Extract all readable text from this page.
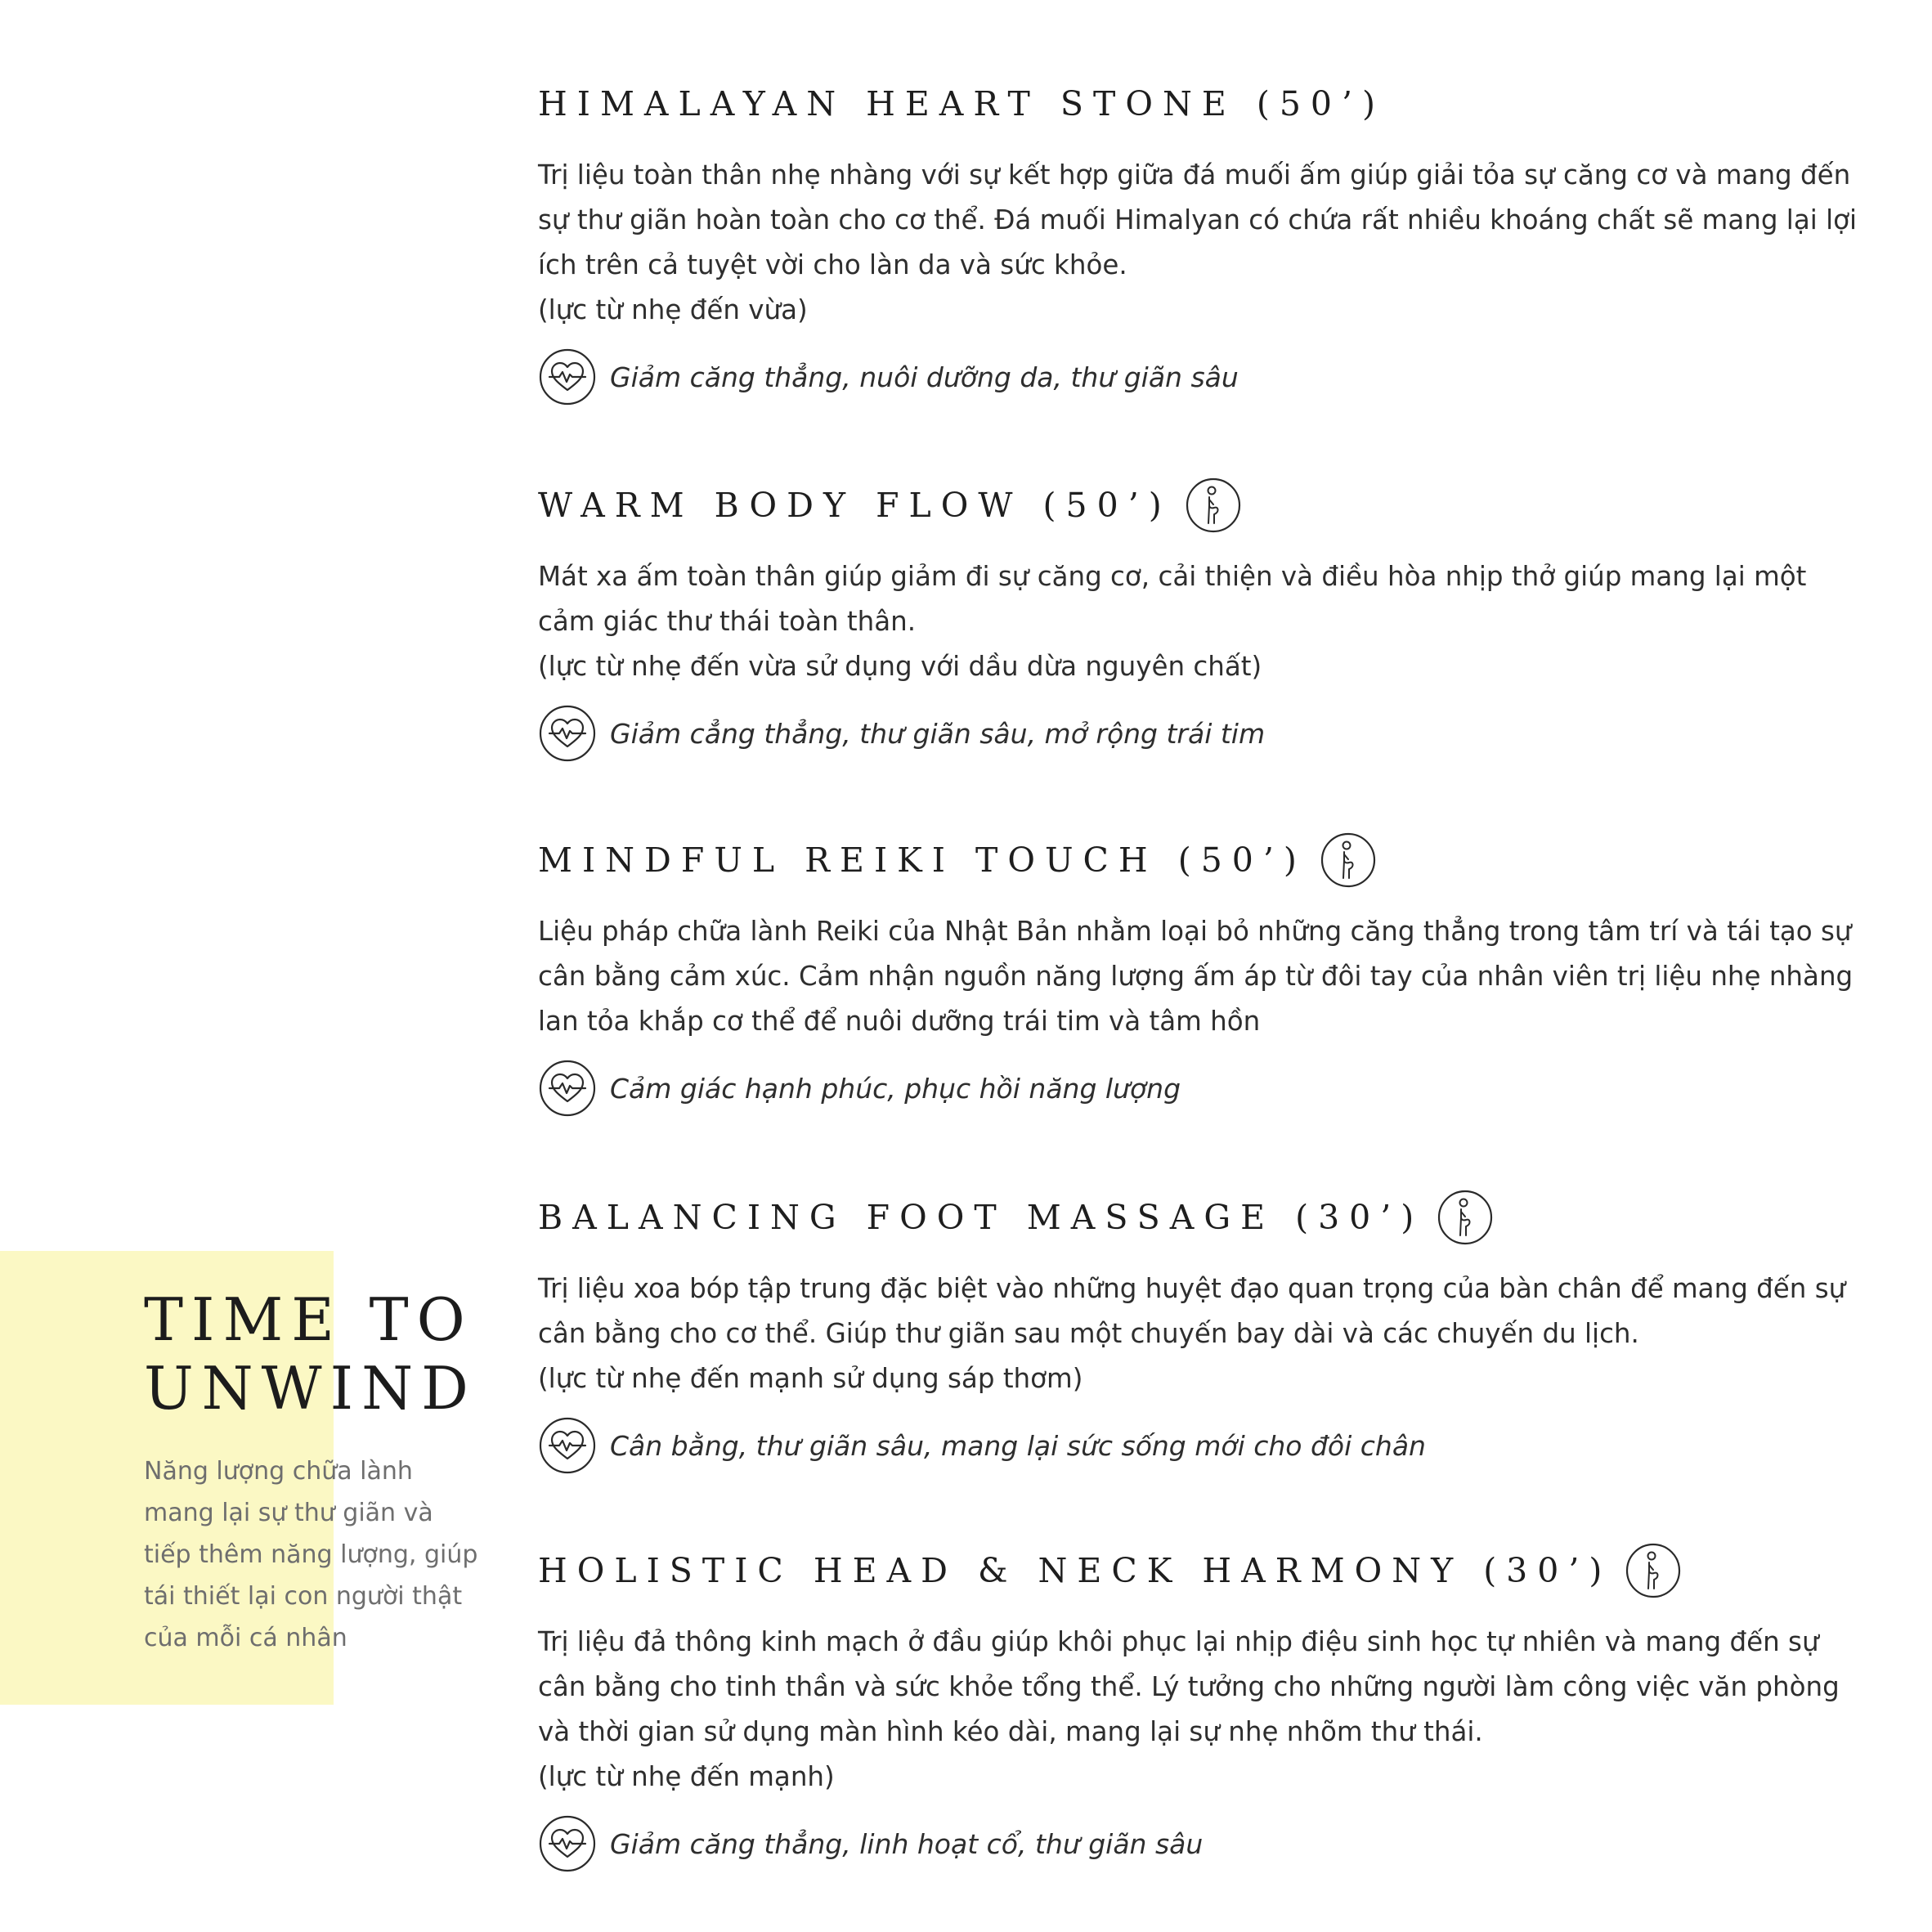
TIME TO
UNWIND

Năng lượng chữa lành mang lại sự thư giãn và tiếp thêm năng lượng, giúp tái thiết lại con người thật của mỗi cá nhân

HIMALAYAN HEART STONE (50’)

Trị liệu toàn thân nhẹ nhàng với sự kết hợp giữa đá muối ấm giúp giải tỏa sự căng cơ và mang đến sự thư giãn hoàn toàn cho cơ thể. Đá muối Himalyan có chứa rất nhiều khoáng chất sẽ mang lại lợi ích trên cả tuyệt vời cho làn da và sức khỏe.

(lực từ nhẹ đến vừa)

Giảm căng thẳng, nuôi dưỡng da, thư giãn sâu
WARM BODY FLOW (50’)

Mát xa ấm toàn thân giúp giảm đi sự căng cơ, cải thiện và điều hòa nhịp thở giúp mang lại một cảm giác thư thái toàn thân.

(lực từ nhẹ đến vừa sử dụng với dầu dừa nguyên chất)

Giảm cẳng thẳng, thư giãn sâu, mở rộng trái tim
MINDFUL REIKI TOUCH (50’)

Liệu pháp chữa lành Reiki của Nhật Bản nhằm loại bỏ những căng thẳng trong tâm trí và tái tạo sự cân bằng cảm xúc. Cảm nhận nguồn năng lượng ấm áp từ đôi tay của nhân viên trị liệu nhẹ nhàng lan tỏa khắp cơ thể để nuôi dưỡng trái tim và tâm hồn

Cảm giác hạnh phúc, phục hồi năng lượng
BALANCING FOOT MASSAGE (30’)

Trị liệu xoa bóp tập trung đặc biệt vào những huyệt đạo quan trọng của bàn chân để mang đến sự cân bằng cho cơ thể. Giúp thư giãn sau một chuyến bay dài và các chuyến du lịch.

(lực từ nhẹ đến mạnh sử dụng sáp thơm)

Cân bằng, thư giãn sâu, mang lại sức sống mới cho đôi chân
HOLISTIC HEAD & NECK HARMONY (30’)

Trị liệu đả thông kinh mạch ở đầu giúp khôi phục lại nhịp điệu sinh học tự nhiên và mang đến sự cân bằng cho tinh thần và sức khỏe tổng thể. Lý tưởng cho những người làm công việc văn phòng và thời gian sử dụng màn hình kéo dài, mang lại sự nhẹ nhõm thư thái.

(lực từ nhẹ đến mạnh)

Giảm căng thẳng, linh hoạt cổ, thư giãn sâu
